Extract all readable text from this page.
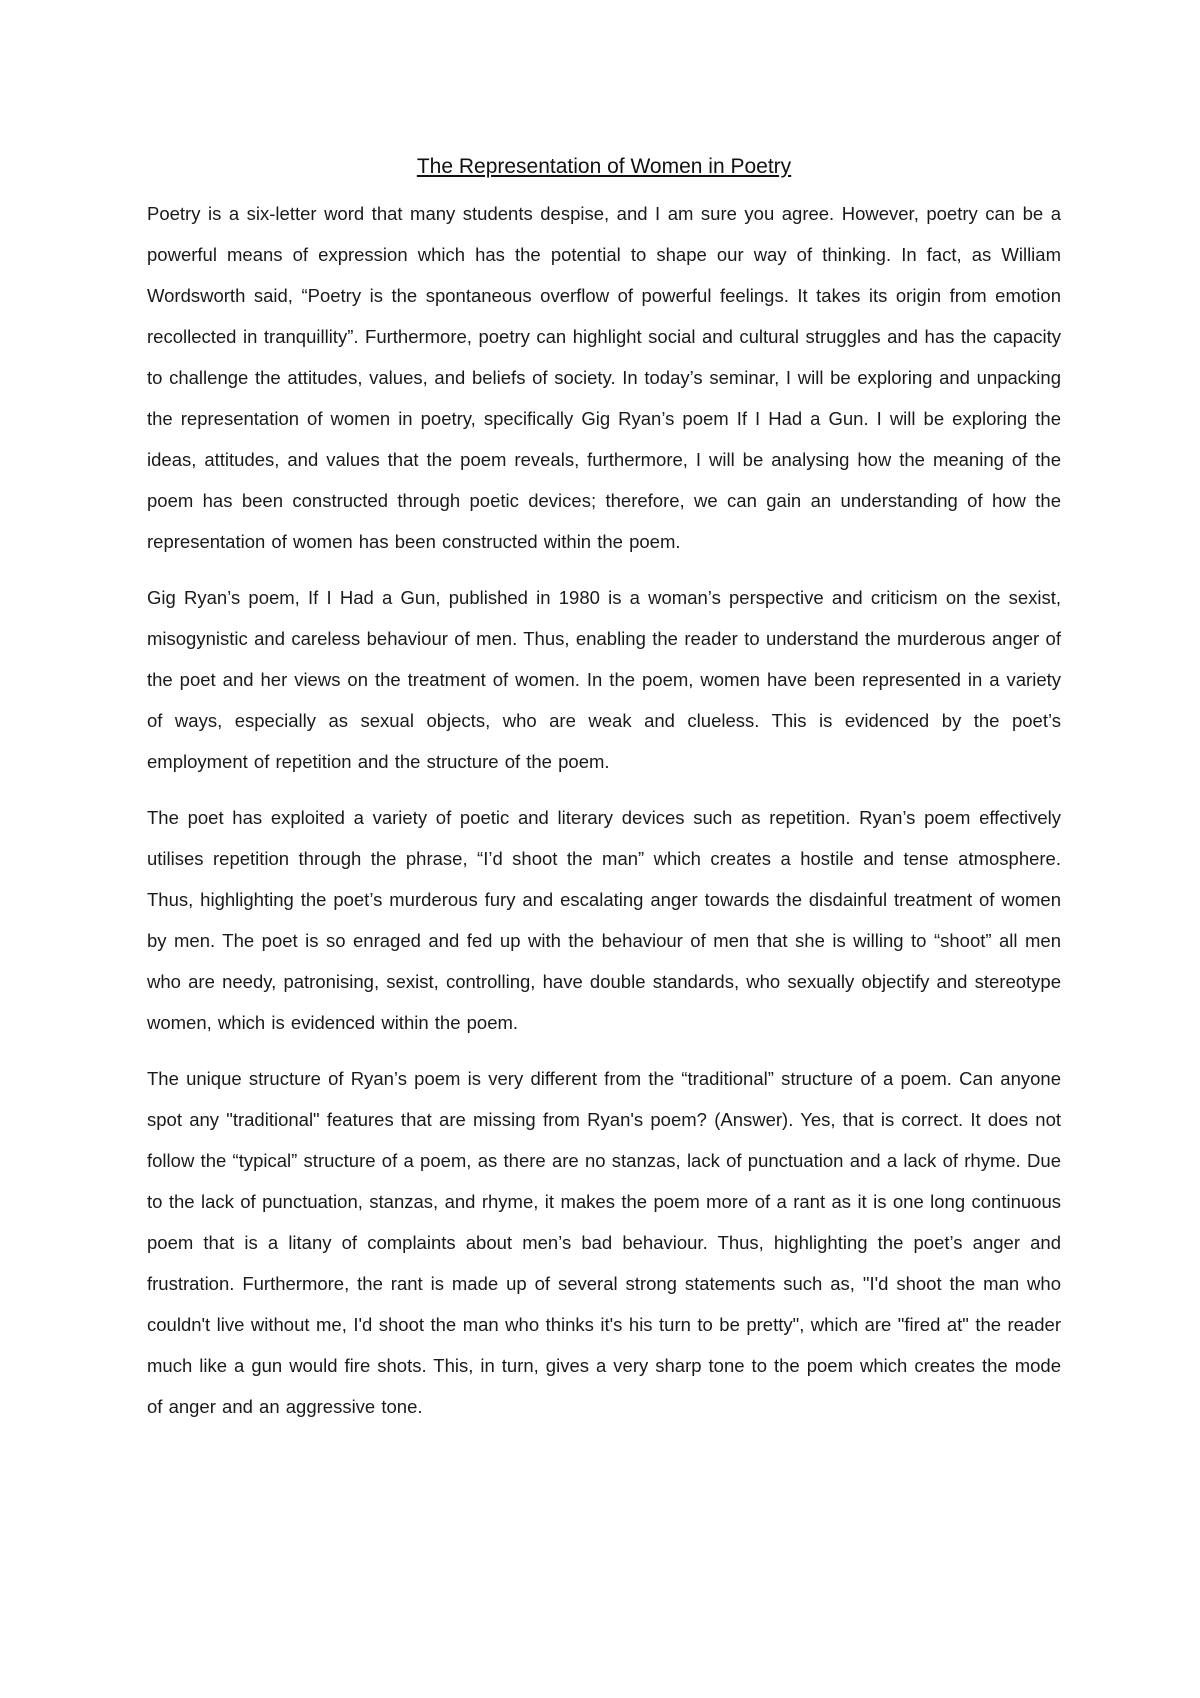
The Representation of Women in Poetry

Poetry is a six-letter word that many students despise, and I am sure you agree. However, poetry can be a powerful means of expression which has the potential to shape our way of thinking. In fact, as William Wordsworth said, “Poetry is the spontaneous overflow of powerful feelings. It takes its origin from emotion recollected in tranquillity”. Furthermore, poetry can highlight social and cultural struggles and has the capacity to challenge the attitudes, values, and beliefs of society. In today’s seminar, I will be exploring and unpacking the representation of women in poetry, specifically Gig Ryan’s poem If I Had a Gun. I will be exploring the ideas, attitudes, and values that the poem reveals, furthermore, I will be analysing how the meaning of the poem has been constructed through poetic devices; therefore, we can gain an understanding of how the representation of women has been constructed within the poem.

Gig Ryan’s poem, If I Had a Gun, published in 1980 is a woman’s perspective and criticism on the sexist, misogynistic and careless behaviour of men. Thus, enabling the reader to understand the murderous anger of the poet and her views on the treatment of women. In the poem, women have been represented in a variety of ways, especially as sexual objects, who are weak and clueless. This is evidenced by the poet’s employment of repetition and the structure of the poem.

The poet has exploited a variety of poetic and literary devices such as repetition. Ryan’s poem effectively utilises repetition through the phrase, “I’d shoot the man” which creates a hostile and tense atmosphere. Thus, highlighting the poet’s murderous fury and escalating anger towards the disdainful treatment of women by men. The poet is so enraged and fed up with the behaviour of men that she is willing to “shoot” all men who are needy, patronising, sexist, controlling, have double standards, who sexually objectify and stereotype women, which is evidenced within the poem.

The unique structure of Ryan’s poem is very different from the “traditional” structure of a poem. Can anyone spot any "traditional" features that are missing from Ryan's poem? (Answer). Yes, that is correct. It does not follow the “typical” structure of a poem, as there are no stanzas, lack of punctuation and a lack of rhyme. Due to the lack of punctuation, stanzas, and rhyme, it makes the poem more of a rant as it is one long continuous poem that is a litany of complaints about men’s bad behaviour. Thus, highlighting the poet’s anger and frustration. Furthermore, the rant is made up of several strong statements such as, "I'd shoot the man who couldn't live without me, I'd shoot the man who thinks it's his turn to be pretty", which are "fired at" the reader much like a gun would fire shots. This, in turn, gives a very sharp tone to the poem which creates the mode of anger and an aggressive tone.
